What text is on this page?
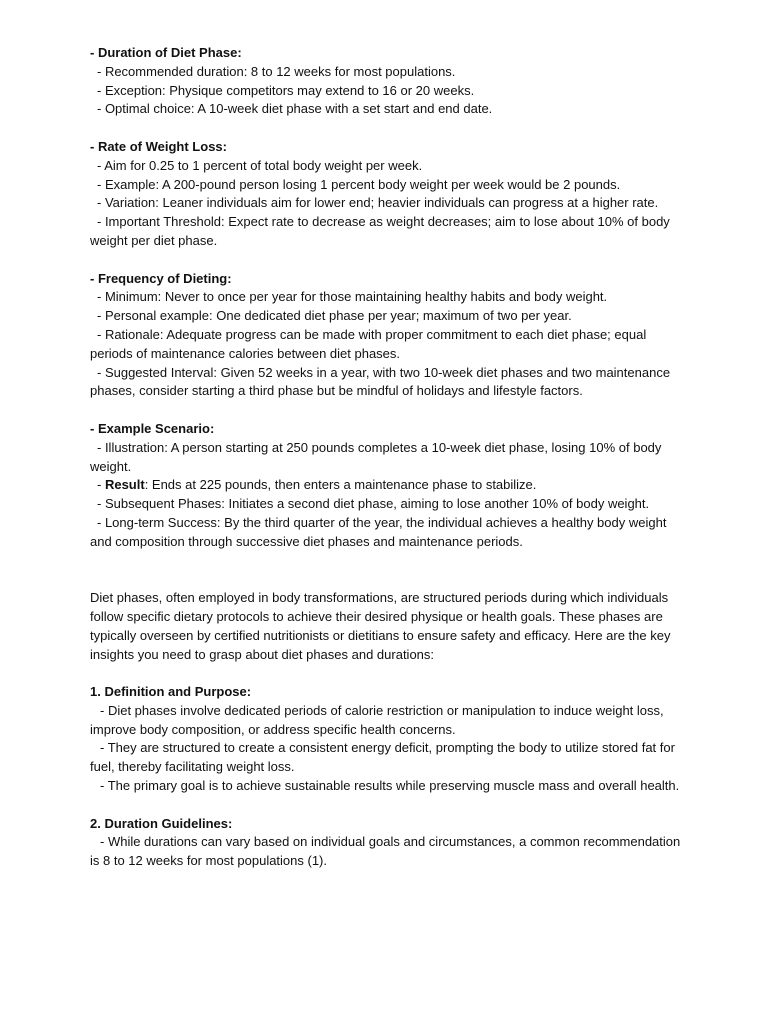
- Duration of Diet Phase:
- Recommended duration: 8 to 12 weeks for most populations.
- Exception: Physique competitors may extend to 16 or 20 weeks.
- Optimal choice: A 10-week diet phase with a set start and end date.
- Rate of Weight Loss:
- Aim for 0.25 to 1 percent of total body weight per week.
- Example: A 200-pound person losing 1 percent body weight per week would be 2 pounds.
- Variation: Leaner individuals aim for lower end; heavier individuals can progress at a higher rate.
- Important Threshold: Expect rate to decrease as weight decreases; aim to lose about 10% of body weight per diet phase.
- Frequency of Dieting:
- Minimum: Never to once per year for those maintaining healthy habits and body weight.
- Personal example: One dedicated diet phase per year; maximum of two per year.
- Rationale: Adequate progress can be made with proper commitment to each diet phase; equal periods of maintenance calories between diet phases.
- Suggested Interval: Given 52 weeks in a year, with two 10-week diet phases and two maintenance phases, consider starting a third phase but be mindful of holidays and lifestyle factors.
- Example Scenario:
- Illustration: A person starting at 250 pounds completes a 10-week diet phase, losing 10% of body weight.
- Result: Ends at 225 pounds, then enters a maintenance phase to stabilize.
- Subsequent Phases: Initiates a second diet phase, aiming to lose another 10% of body weight.
- Long-term Success: By the third quarter of the year, the individual achieves a healthy body weight and composition through successive diet phases and maintenance periods.
Diet phases, often employed in body transformations, are structured periods during which individuals follow specific dietary protocols to achieve their desired physique or health goals. These phases are typically overseen by certified nutritionists or dietitians to ensure safety and efficacy. Here are the key insights you need to grasp about diet phases and durations:
1. Definition and Purpose:
- Diet phases involve dedicated periods of calorie restriction or manipulation to induce weight loss, improve body composition, or address specific health concerns.
- They are structured to create a consistent energy deficit, prompting the body to utilize stored fat for fuel, thereby facilitating weight loss.
- The primary goal is to achieve sustainable results while preserving muscle mass and overall health.
2. Duration Guidelines:
- While durations can vary based on individual goals and circumstances, a common recommendation is 8 to 12 weeks for most populations (1).
